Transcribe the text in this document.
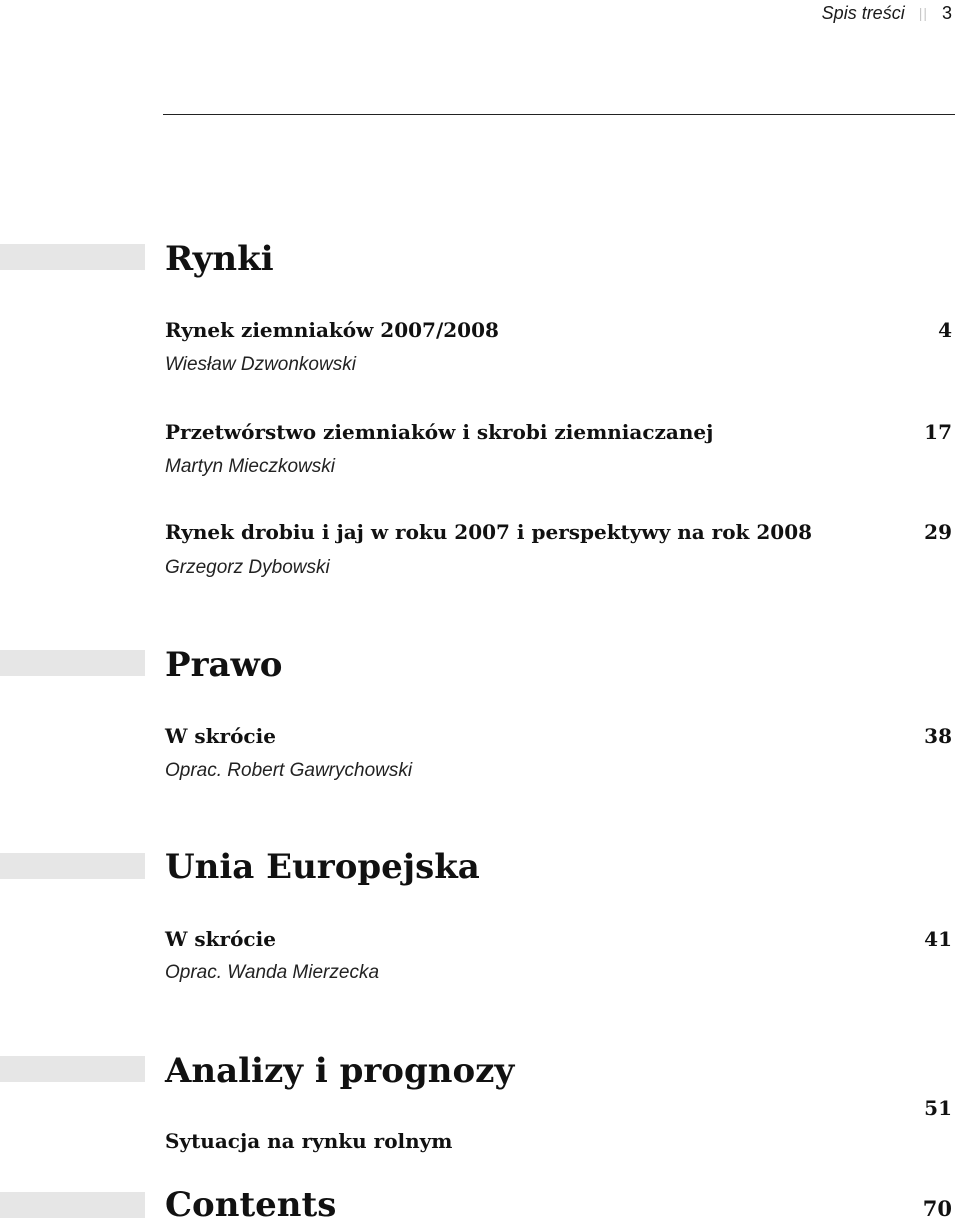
Spis treści || 3
Rynki
Rynek ziemniaków 2007/2008
Wiesław Dzwonkowski
4
Przetwórstwo ziemniaków i skrobi ziemniaczanej
Martyn Mieczkowski
17
Rynek drobiu i jaj w roku 2007 i perspektywy na rok 2008
Grzegorz Dybowski
29
Prawo
W skrócie
Oprac. Robert Gawrychowski
38
Unia Europejska
W skrócie
Oprac. Wanda Mierzecka
41
Analizy i prognozy
51
Sytuacja na rynku rolnym
Contents	70
